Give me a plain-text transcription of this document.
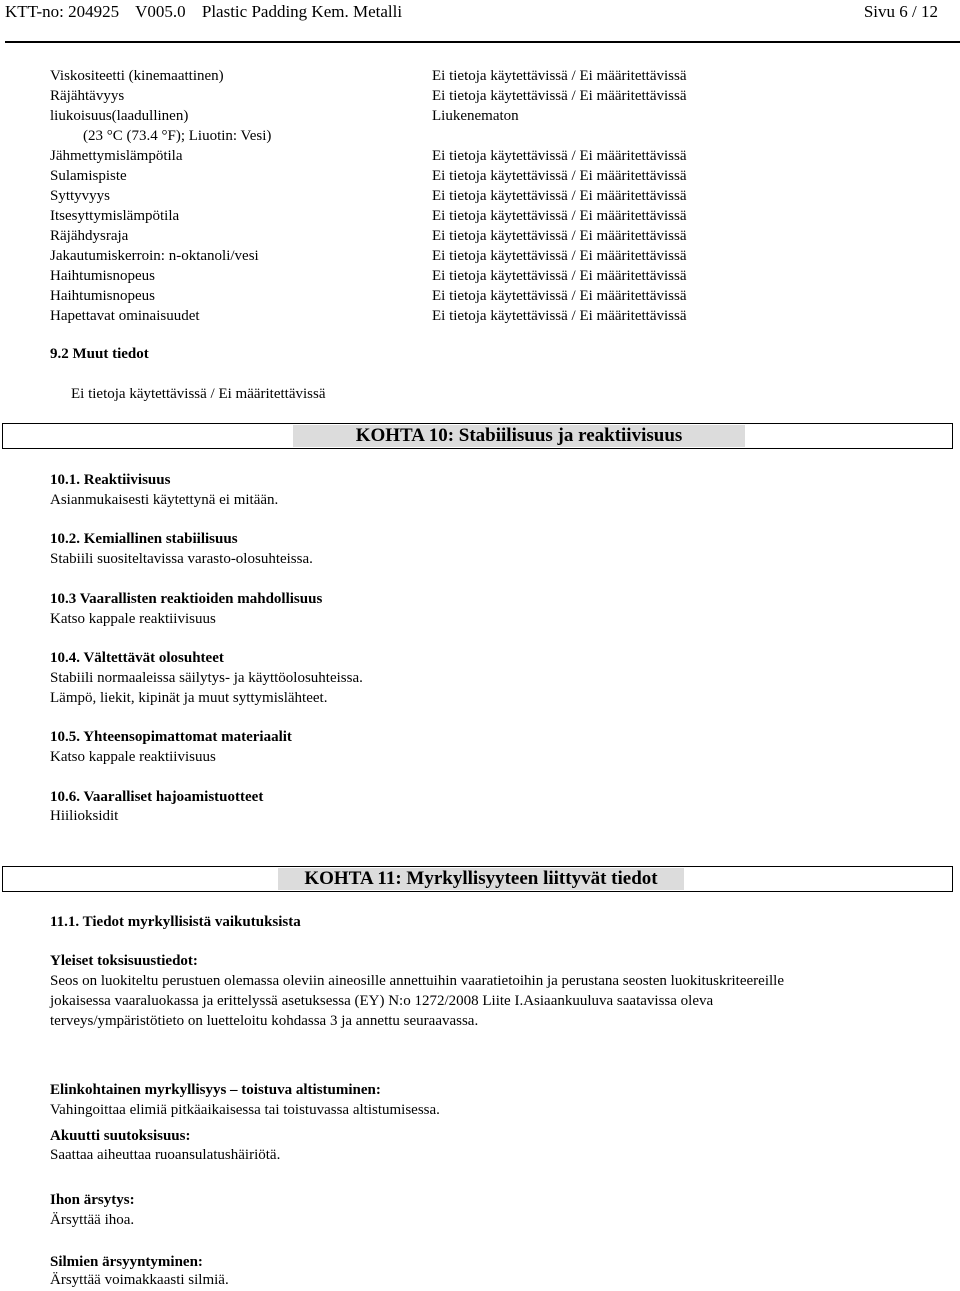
KTT-no: 204925 V005.0 Plastic Padding Kem. Metalli	Sivu 6 / 12
Viskositeetti (kinemaattinen)	Ei tietoja käytettävissä / Ei määritettävissä
Räjähtävyys	Ei tietoja käytettävissä / Ei määritettävissä
liukoisuus(laadullinen)	Liukenematon
(23 °C (73.4 °F); Liuotin: Vesi)
Jähmettymislämpötila	Ei tietoja käytettävissä / Ei määritettävissä
Sulamispiste	Ei tietoja käytettävissä / Ei määritettävissä
Syttyvyys	Ei tietoja käytettävissä / Ei määritettävissä
Itsesyttymislämpötila	Ei tietoja käytettävissä / Ei määritettävissä
Räjähdysraja	Ei tietoja käytettävissä / Ei määritettävissä
Jakautumiskerroin: n-oktanoli/vesi	Ei tietoja käytettävissä / Ei määritettävissä
Haihtumisnopeus	Ei tietoja käytettävissä / Ei määritettävissä
Haihtumisnopeus	Ei tietoja käytettävissä / Ei määritettävissä
Hapettavat ominaisuudet	Ei tietoja käytettävissä / Ei määritettävissä
9.2 Muut tiedot
Ei tietoja käytettävissä / Ei määritettävissä
KOHTA 10: Stabiilisuus ja reaktiivisuus
10.1. Reaktiivisuus
Asianmukaisesti käytettynä ei mitään.
10.2. Kemiallinen stabiilisuus
Stabiili suositeltavissa varasto-olosuhteissa.
10.3 Vaarallisten reaktioiden mahdollisuus
Katso kappale reaktiivisuus
10.4. Vältettävät olosuhteet
Stabiili normaaleissa säilytys- ja käyttöolosuhteissa.
Lämpö, liekit, kipinät ja muut syttymislähteet.
10.5. Yhteensopimattomat materiaalit
Katso kappale reaktiivisuus
10.6. Vaaralliset hajoamistuotteet
Hiilioksidit
KOHTA 11: Myrkyllisyyteen liittyvät tiedot
11.1. Tiedot myrkyllisistä vaikutuksista
Yleiset toksisuustiedot:
Seos on luokiteltu perustuen olemassa oleviin aineosille annettuihin vaaratietoihin ja perustana seosten luokituskriteereille
jokaisessa vaaraluokassa ja erittelyssä asetuksessa (EY) N:o 1272/2008 Liite I.Asiaankuuluva saatavissa oleva
terveys/ympäristötieto on luetteloitu kohdassa 3 ja annettu seuraavassa.
Elinkohtainen myrkyllisyys – toistuva altistuminen:
Vahingoittaa elimiä pitkäaikaisessa tai toistuvassa altistumisessa.
Akuutti suutoksisuus:
Saattaa aiheuttaa ruoansulatushäiriötä.
Ihon ärsytys:
Ärsyttää ihoa.
Silmien ärsyyntyminen:
Ärsyttää voimakkaasti silmiä.
